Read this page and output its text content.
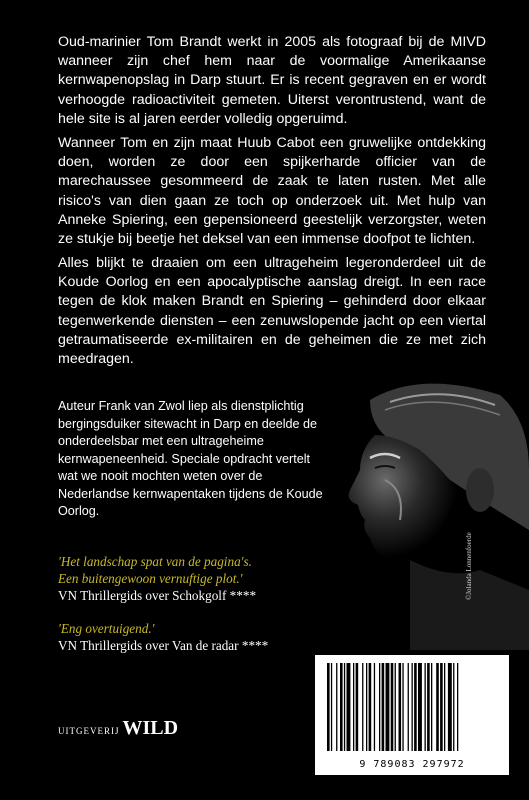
Oud-marinier Tom Brandt werkt in 2005 als fotograaf bij de MIVD wanneer zijn chef hem naar de voormalige Amerikaanse kernwapenopslag in Darp stuurt. Er is recent gegraven en er wordt verhoogde radioactiviteit gemeten. Uiterst verontrustend, want de hele site is al jaren eerder volledig opgeruimd.

Wanneer Tom en zijn maat Huub Cabot een gruwelijke ontdekking doen, worden ze door een spijkerharde officier van de marechaussee gesommeerd de zaak te laten rusten. Met alle risico's van dien gaan ze toch op onderzoek uit. Met hulp van Anneke Spiering, een gepensioneerd geestelijk verzorgster, weten ze stukje bij beetje het deksel van een immense doofpot te lichten.

Alles blijkt te draaien om een ultrageheim legeronderdeel uit de Koude Oorlog en een apocalyptische aanslag dreigt. In een race tegen de klok maken Brandt en Spiering – gehinderd door elkaar tegenwerkende diensten – een zenuwslopende jacht op een viertal getraumatiseerde ex-militairen en de geheimen die ze met zich meedragen.

Auteur Frank van Zwol liep als dienstplichtig bergingsduiker sitewacht in Darp en deelde de onderdeelsbar met een ultrageheime kernwapeneenheid. Speciale opdracht vertelt wat we nooit mochten weten over de Nederlandse kernwapentaken tijdens de Koude Oorlog.

©Jolanda Lonnenfoerde

'Het landschap spat van de pagina's.

Een buitengewoon vernuftige plot.'

VN Thrillergids over Schokgolf ****

'Eng overtuigend.'

VN Thrillergids over Van de radar ****

UITGEVERIJ WILD
9 789083 297972
